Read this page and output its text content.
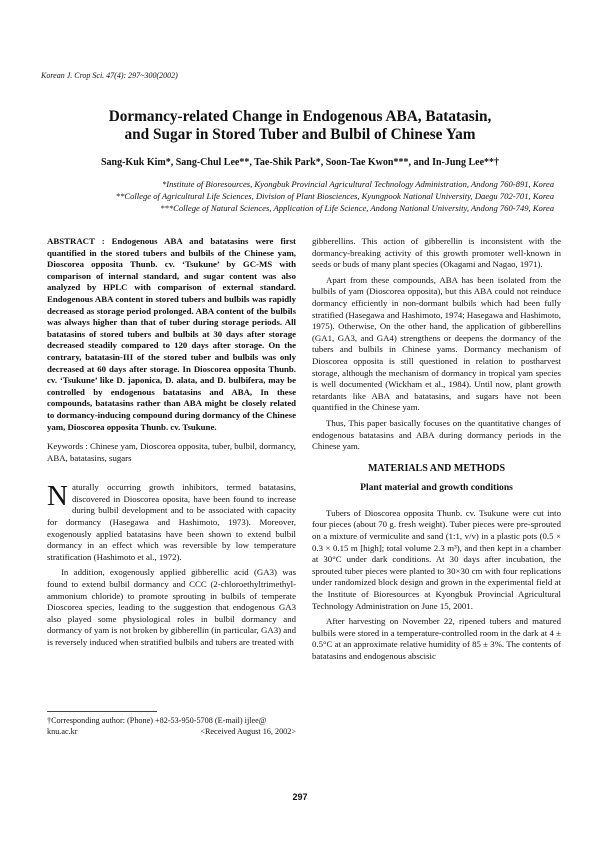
Korean J. Crop Sci. 47(4): 297~300(2002)
Dormancy-related Change in Endogenous ABA, Batatasin,
and Sugar in Stored Tuber and Bulbil of Chinese Yam
Sang-Kuk Kim*, Sang-Chul Lee**, Tae-Shik Park*, Soon-Tae Kwon***, and In-Jung Lee**†
*Institute of Bioresources, Kyongbuk Provincial Agricultural Technology Administration, Andong 760-891, Korea
**College of Agricultural Life Sciences, Division of Plant Biosciences, Kyungpook National University, Daegu 702-701, Korea
***College of Natural Sciences, Application of Life Science, Andong National University, Andong 760-749, Korea

ABSTRACT : Endogenous ABA and batatasins were first quantified in the stored tubers and bulbils of the Chinese yam, Dioscorea opposita Thunb. cv. ‘Tsukune’ by GC-MS with comparison of internal standard, and sugar content was also analyzed by HPLC with comparison of external standard. Endogenous ABA content in stored tubers and bulbils was rapidly decreased as storage period prolonged. ABA content of the bulbils was always higher than that of tuber during storage periods. All batatasins of stored tubers and bulbils at 30 days after storage decreased steadily compared to 120 days after storage. On the contrary, batatasin-III of the stored tuber and bulbils was only decreased at 60 days after storage. In Dioscorea opposita Thunb. cv. ‘Tsukune’ like D. japonica, D. alata, and D. bulbifera, may be controlled by endogenous batatasins and ABA, In these compounds, batatasins rather than ABA might be closely related to dormancy-inducing compound during dormancy of the Chinese yam, Dioscorea opposita Thunb. cv. Tsukune.

Keywords : Chinese yam, Dioscorea opposita, tuber, bulbil, dormancy, ABA, batatasins, sugars

Naturally occurring growth inhibitors, termed batatasins, discovered in Dioscorea oposita, have been found to increase during bulbil development and to be associated with capacity for dormancy (Hasegawa and Hashimoto, 1973). Moreover, exogenously applied batatasins have been shown to extend bulbil dormancy in an effect which was reversible by low temperature stratification (Hashimoto et al., 1972).

In addition, exogenously applied gibberellic acid (GA3) was found to extend bulbil dormancy and CCC (2-chloroethyltrimethyl-ammonium chloride) to promote sprouting in bulbils of temperate Dioscorea species, leading to the suggestion that endogenous GA3 also played some physiological roles in bulbil dormancy and dormancy of yam is not broken by gibberellin (in particular, GA3) and is reversely induced when stratified bulbils and tubers are treated with

gibberellins. This action of gibberellin is inconsistent with the dormancy-breaking activity of this growth promoter well-known in seeds or buds of many plant species (Okagami and Nagao, 1971).

Apart from these compounds, ABA has been isolated from the bulbils of yam (Dioscorea opposita), but this ABA could not reinduce dormancy efficiently in non-dormant bulbils which had been fully stratified (Hasegawa and Hashimoto, 1974; Hasegawa and Hashimoto, 1975). Otherwise, On the other hand, the application of gibberellins (GA1, GA3, and GA4) strengthens or deepens the dormancy of the tubers and bulbils in Chinese yams. Dormancy mechanism of Dioscorea opposita is still questioned in relation to postharvest storage, although the mechanism of dormancy in tropical yam species is well documented (Wickham et al., 1984). Until now, plant growth retardants like ABA and batatasins, and sugars have not been quantified in the Chinese yam.

Thus, This paper basically focuses on the quantitative changes of endogenous batatasins and ABA during dormancy periods in the Chinese yam.

MATERIALS AND METHODS

Plant material and growth conditions

Tubers of Dioscorea opposita Thunb. cv. Tsukune were cut into four pieces (about 70 g. fresh weight). Tuber pieces were pre-sprouted on a mixture of vermiculite and sand (1:1, v/v) in a plastic pots (0.5 × 0.3 × 0.15 m [high]; total volume 2.3 m³), and then kept in a chamber at 30°C under dark conditions. At 30 days after incubation, the sprouted tuber pieces were planted to 30×30 cm with four replications under randomized block design and grown in the experimental field at the Institute of Bioresources at Kyongbuk Provincial Agricultural Technology Administration on June 15, 2001.

After harvesting on November 22, ripened tubers and matured bulbils were stored in a temperature-controlled room in the dark at 4 ± 0.5°C at an approximate relative humidity of 85 ± 3%. The contents of batatasins and endogenous abscisic

†Corresponding author: (Phone) +82-53-950-5708 (E-mail) ijlee@
knu.ac.kr	<Received August 16, 2002>
297
